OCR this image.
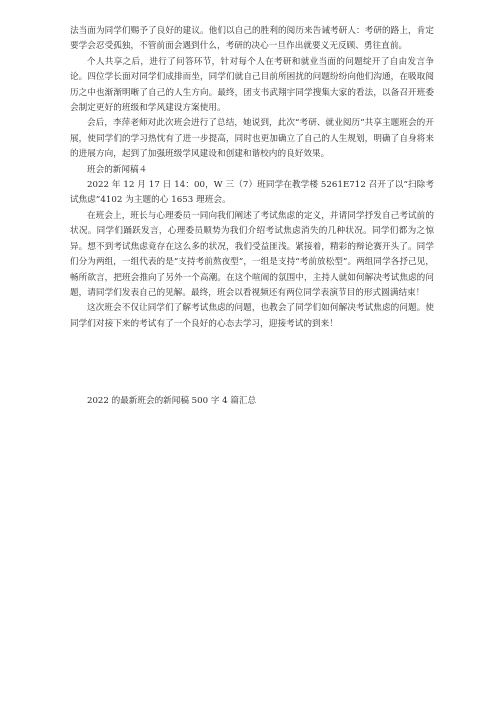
法当面为同学们赐予了良好的建议。他们以自己的胜利的阅历来告诫考研人：考研的路上，肯定要学会忍受孤独，不管前面会遇到什么，考研的决心一旦作出就要义无反顾、勇往直前。

个人共享之后，进行了问答环节，针对每个人在考研和就业当面的问题绽开了自由发言争论。四位学长面对同学们成排而坐，同学们就自己目前所困扰的问题纷纷向他们沟通，在吸取阅历之中也渐渐明晰了自己的人生方向。最终，团支书武翔宇同学搜集大家的看法，以备召开班委会制定更好的班级和学风建设方案使用。

会后，李萍老师对此次班会进行了总结，她说到，此次“考研、就业阅历”共享主题班会的开展，使同学们的学习热忱有了进一步提高，同时也更加确立了自己的人生规划，明确了自身将来的进展方向，起到了加强班级学风建设和创建和谐校内的良好效果。

班会的新闻稿４

2022 年 12 月 17 日 14：00，W 三（7）班同学在教学楼 5261E712 召开了以“扫除考试焦虑”4102 为主题的心 1653 理班会。

在班会上，班长与心理委员一同向我们阐述了考试焦虑的定义，并请同学抒发自己考试前的状况。同学们踊跃发言，心理委员顺势为我们介绍考试焦虑消失的几种状况。同学们都为之惊异。想不到考试焦虑竟存在这么多的状况，我们受益匪浅。紧接着，精彩的辩论赛开头了。同学们分为两组，一组代表的是“支持考前熬夜型”，一组是支持“考前放松型”。两组同学各抒己见，畅所欲言，把班会推向了另外一个高潮。在这个喧闹的氛围中，主持人就如何解决考试焦虑的问题，请同学们发表自己的见解。最终，班会以看视频还有两位同学表演节目的形式圆满结束！

这次班会不仅让同学们了解考试焦虑的问题，也教会了同学们如何解决考试焦虑的问题。使同学们对接下来的考试有了一个良好的心态去学习，迎接考试的到来！

2022 的最新班会的新闻稿 500 字 4 篇汇总
